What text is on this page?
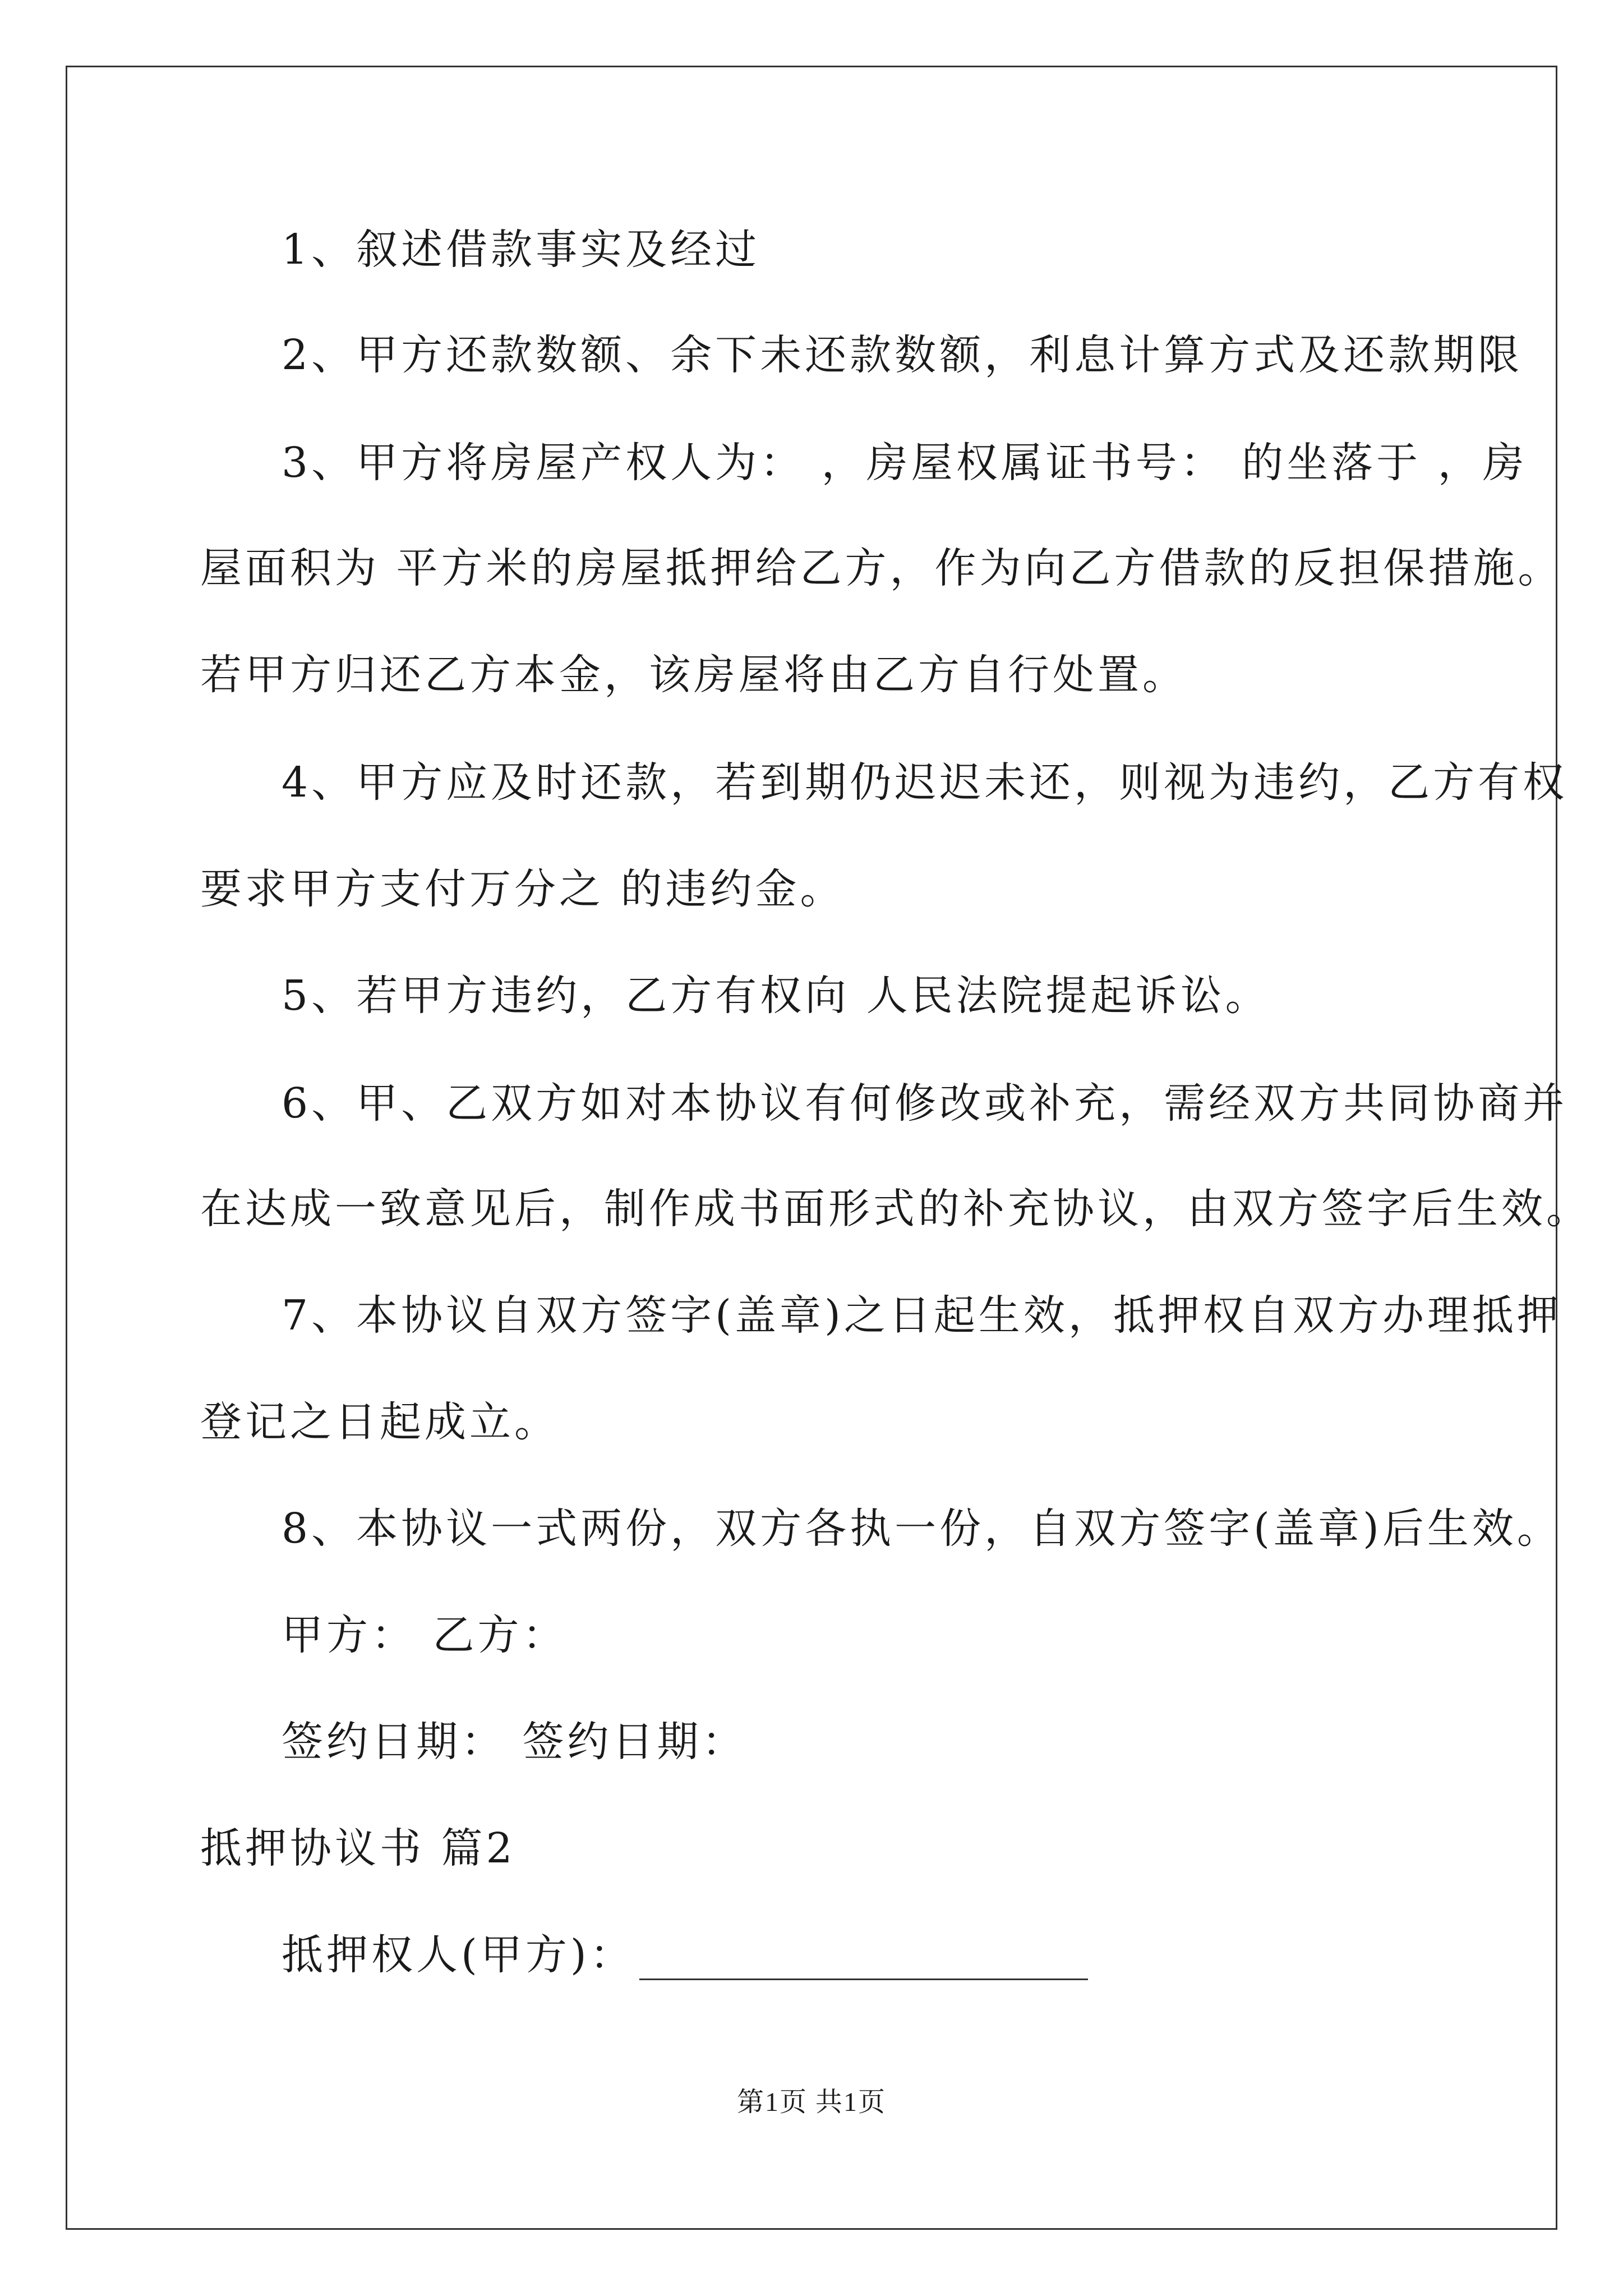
1、叙述借款事实及经过
2、甲方还款数额、余下未还款数额，利息计算方式及还款期限
3、甲方将房屋产权人为： ，房屋权属证书号： 的坐落于 ，房
屋面积为 平方米的房屋抵押给乙方，作为向乙方借款的反担保措施。
若甲方归还乙方本金，该房屋将由乙方自行处置。
4、甲方应及时还款，若到期仍迟迟未还，则视为违约，乙方有权
要求甲方支付万分之 的违约金。
5、若甲方违约，乙方有权向 人民法院提起诉讼。
6、甲、乙双方如对本协议有何修改或补充，需经双方共同协商并
在达成一致意见后，制作成书面形式的补充协议，由双方签字后生效。
7、本协议自双方签字(盖章)之日起生效，抵押权自双方办理抵押
登记之日起成立。
8、本协议一式两份，双方各执一份，自双方签字(盖章)后生效。
甲方： 乙方：
签约日期： 签约日期：
抵押协议书 篇2
抵押权人(甲方)：
第1页 共1页
